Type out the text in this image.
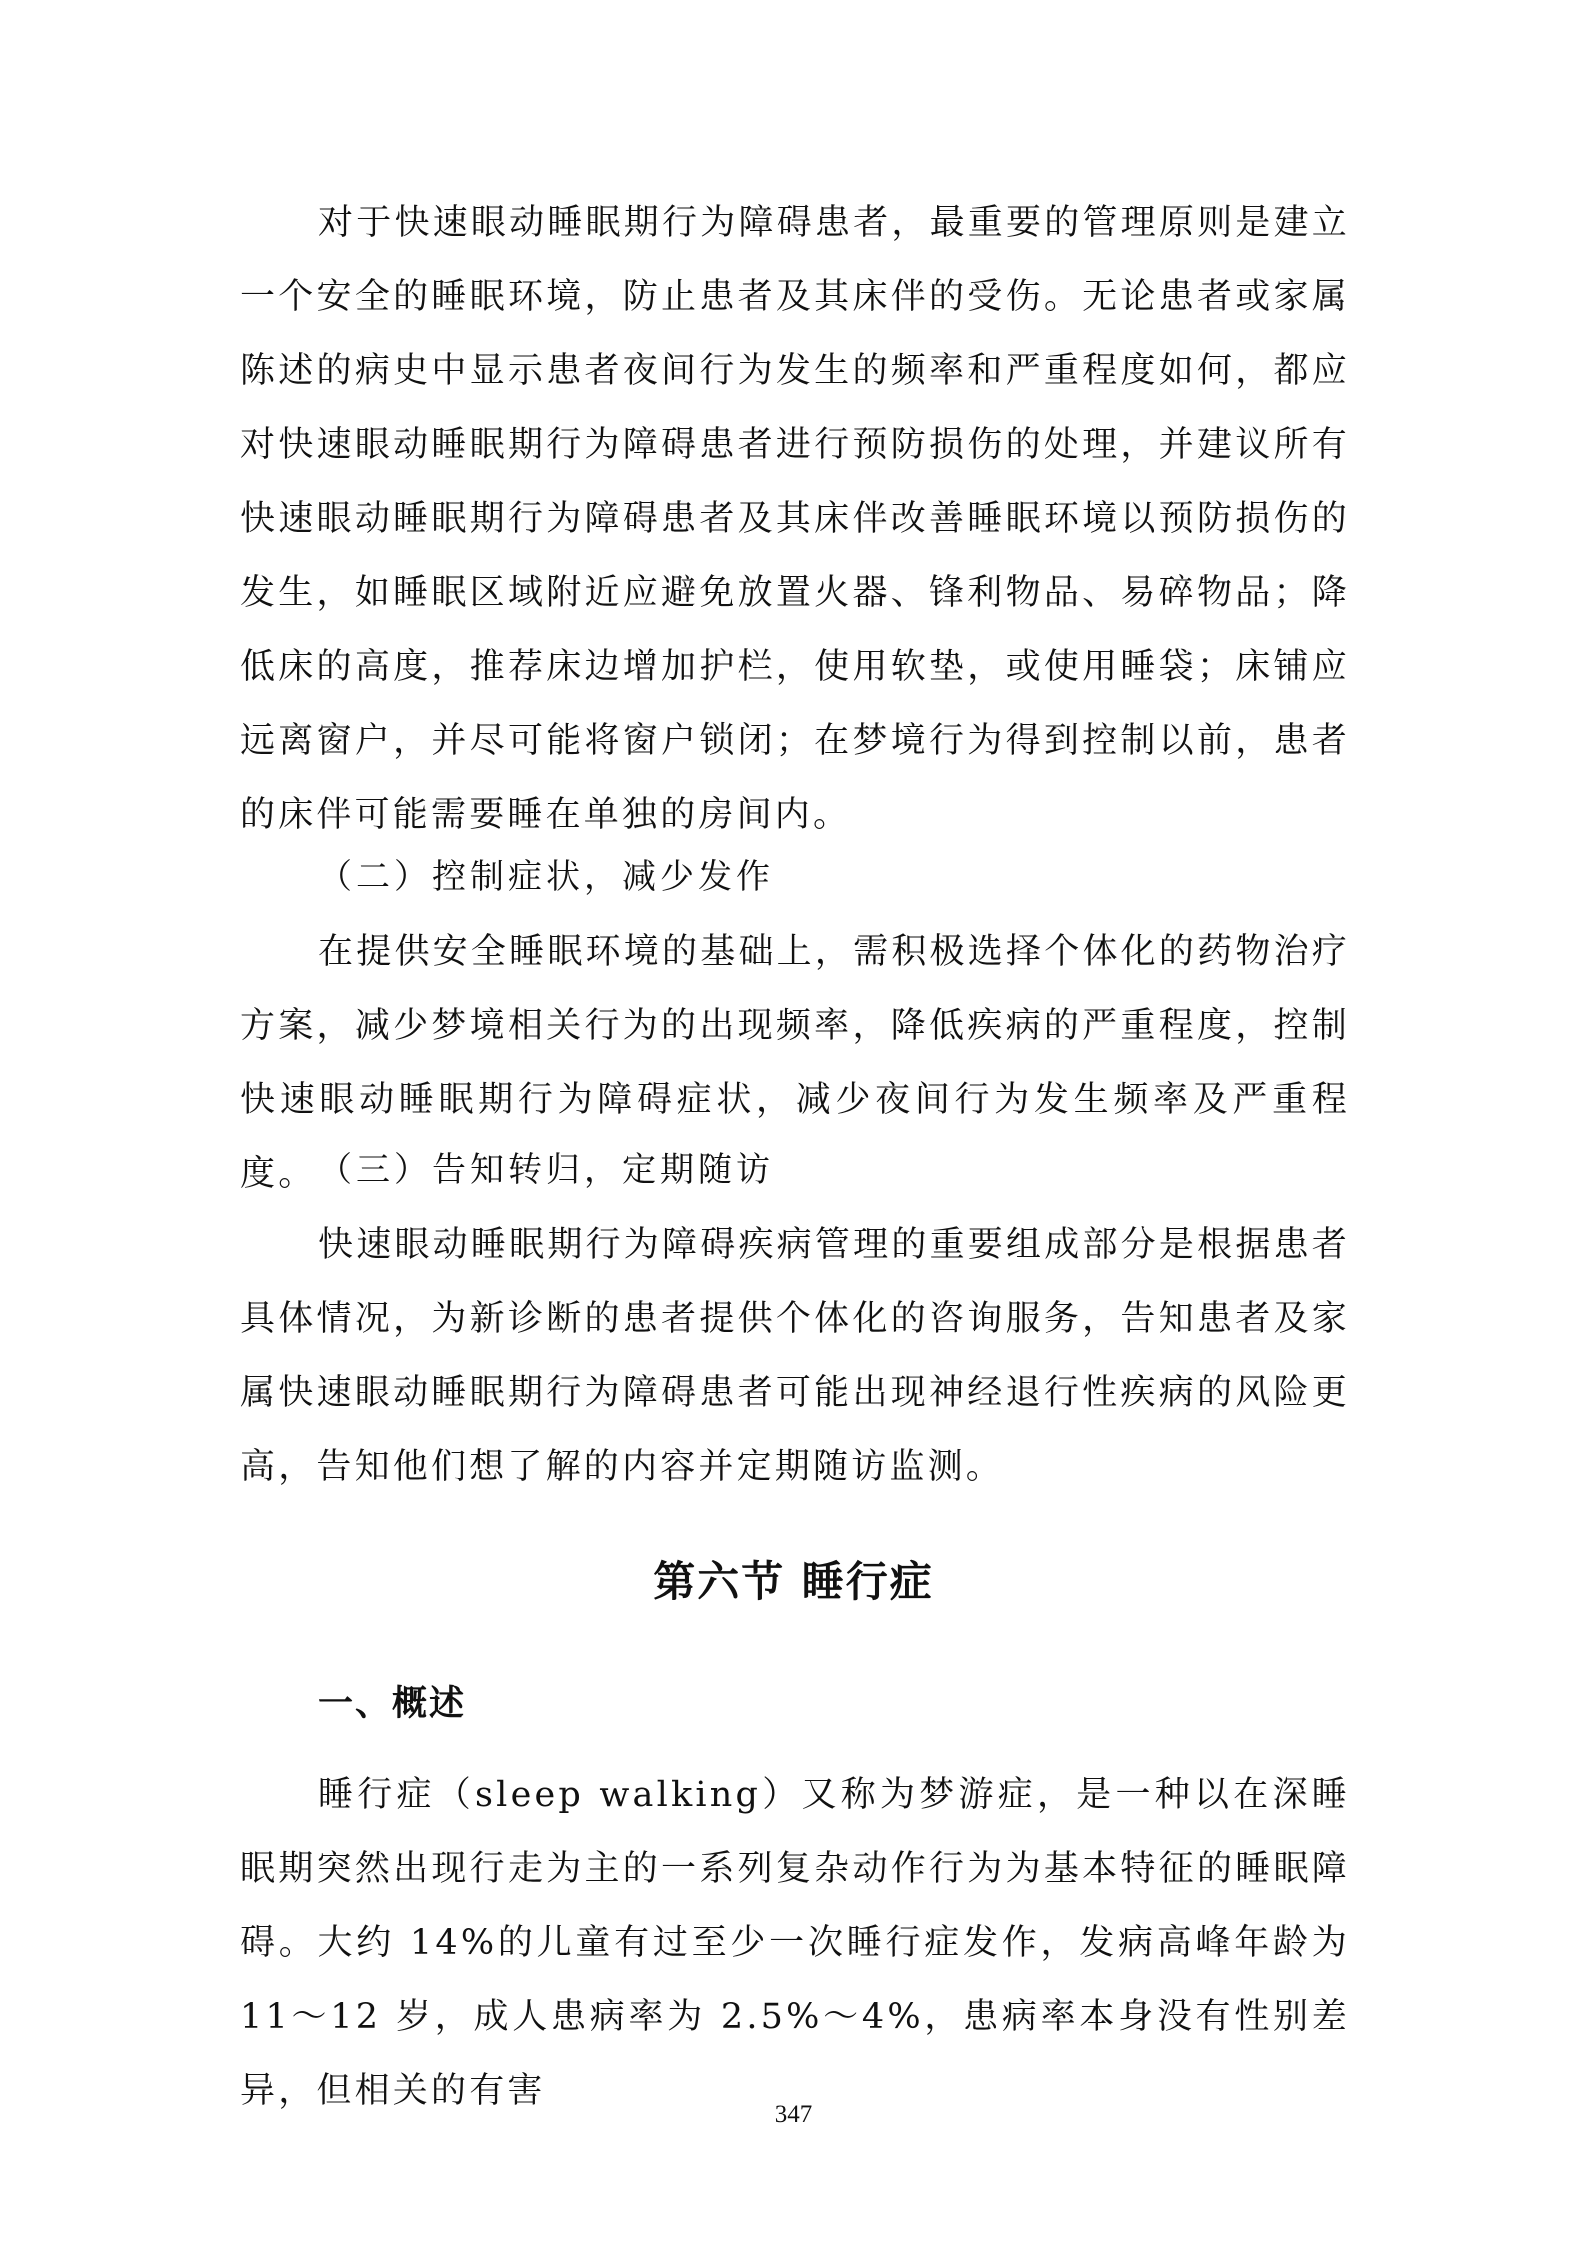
对于快速眼动睡眠期行为障碍患者，最重要的管理原则是建立一个安全的睡眠环境，防止患者及其床伴的受伤。无论患者或家属陈述的病史中显示患者夜间行为发生的频率和严重程度如何，都应对快速眼动睡眠期行为障碍患者进行预防损伤的处理，并建议所有快速眼动睡眠期行为障碍患者及其床伴改善睡眠环境以预防损伤的发生，如睡眠区域附近应避免放置火器、锋利物品、易碎物品；降低床的高度，推荐床边增加护栏，使用软垫，或使用睡袋；床铺应远离窗户，并尽可能将窗户锁闭；在梦境行为得到控制以前，患者的床伴可能需要睡在单独的房间内。

（二）控制症状，减少发作

在提供安全睡眠环境的基础上，需积极选择个体化的药物治疗方案，减少梦境相关行为的出现频率，降低疾病的严重程度，控制快速眼动睡眠期行为障碍症状，减少夜间行为发生频率及严重程度。 （三）告知转归，定期随访

快速眼动睡眠期行为障碍疾病管理的重要组成部分是根据患者具体情况，为新诊断的患者提供个体化的咨询服务，告知患者及家属快速眼动睡眠期行为障碍患者可能出现神经退行性疾病的风险更高，告知他们想了解的内容并定期随访监测。

第六节 睡行症
一、概述

睡行症（sleep walking）又称为梦游症，是一种以在深睡眠期突然出现行走为主的一系列复杂动作行为为基本特征的睡眠障碍。大约 14%的儿童有过至少一次睡行症发作，发病高峰年龄为 11～12 岁，成人患病率为 2.5%～4%，患病率本身没有性别差异，但相关的有害

347
